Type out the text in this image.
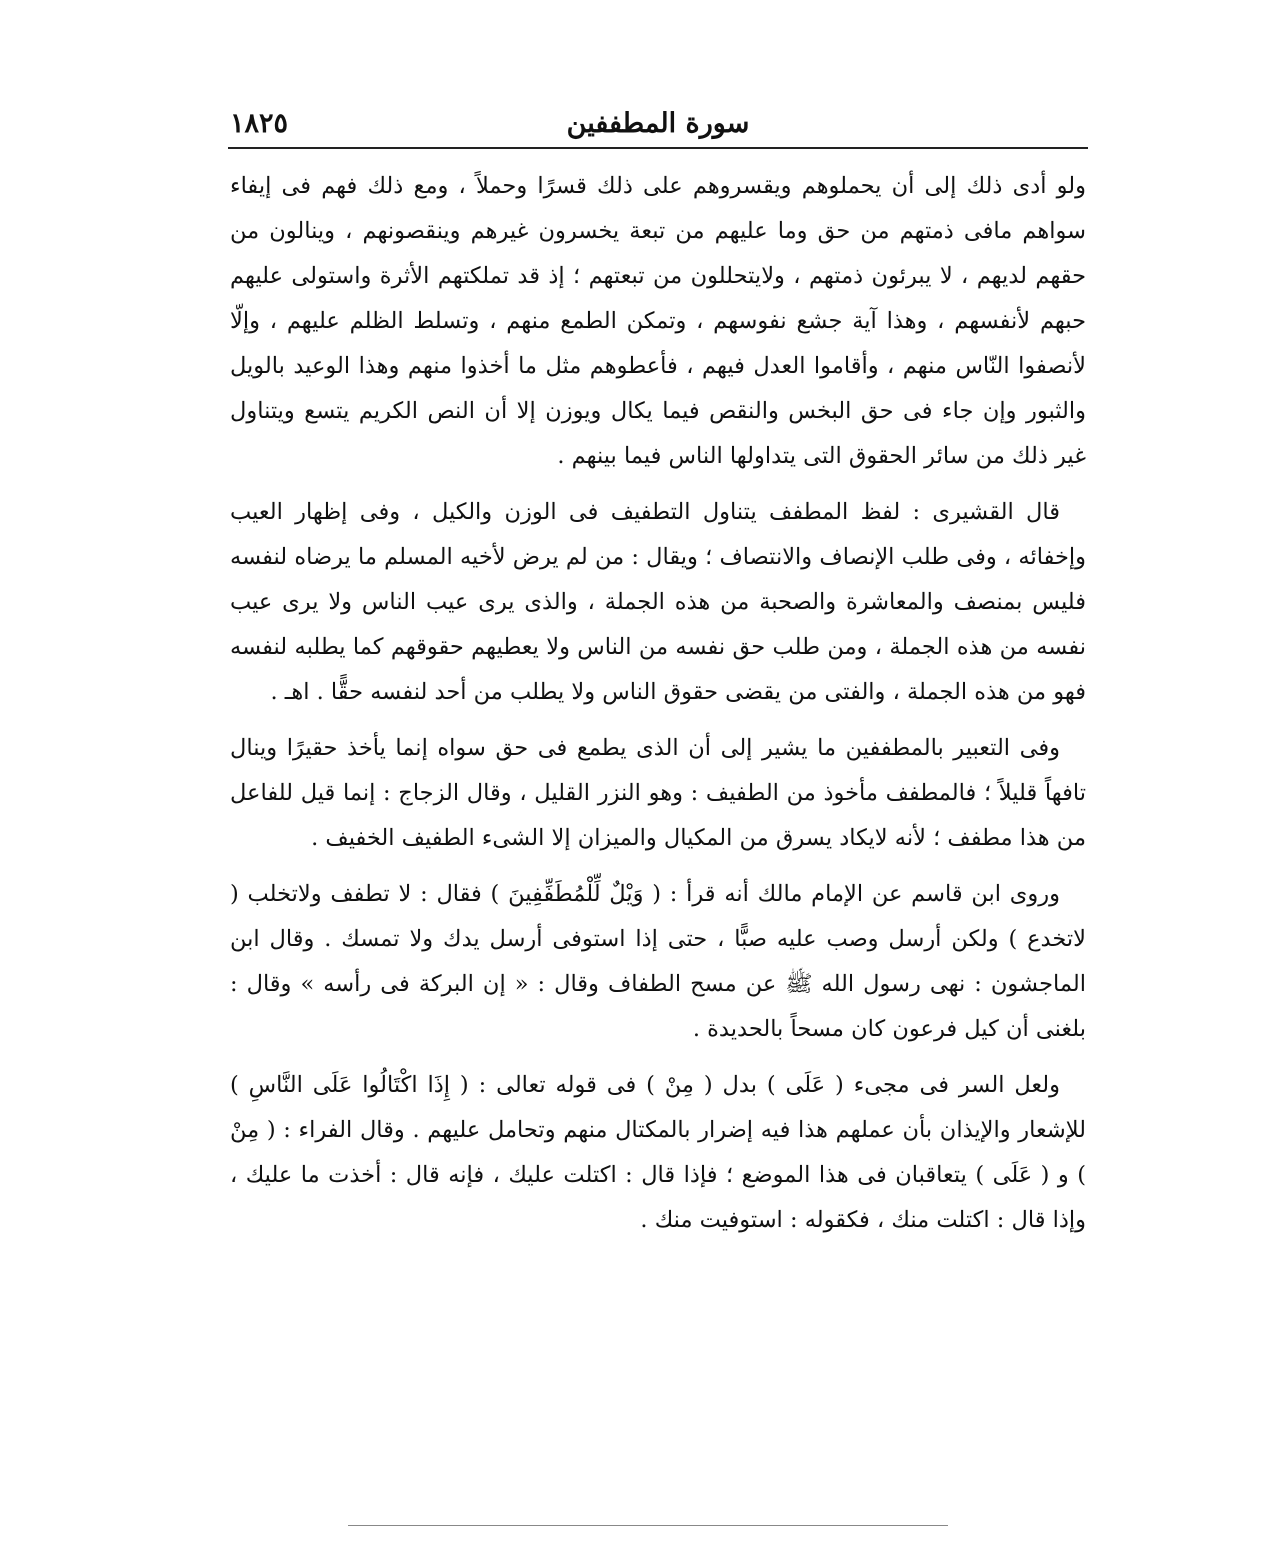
١٨٢٥	سورة المطففين

ولو أدى ذلك إلى أن يحملوهم ويقسروهم على ذلك قسرًا وحملاً ، ومع ذلك فهم فى إيفاء سواهم مافى ذمتهم من حق وما عليهم من تبعة يخسرون غيرهم وينقصونهم ، وينالون من حقهم لديهم ، لا يبرئون ذمتهم ، ولايتحللون من تبعتهم ؛ إذ قد تملكتهم الأثرة واستولى عليهم حبهم لأنفسهم ، وهذا آية جشع نفوسهم ، وتمكن الطمع منهم ، وتسلط الظلم عليهم ، وإلّا لأنصفوا النّاس منهم ، وأقاموا العدل فيهم ، فأعطوهم مثل ما أخذوا منهم وهذا الوعيد بالويل والثبور وإن جاء فى حق البخس والنقص فيما يكال ويوزن إلا أن النص الكريم يتسع ويتناول غير ذلك من سائر الحقوق التى يتداولها الناس فيما بينهم .

قال القشيرى : لفظ المطفف يتناول التطفيف فى الوزن والكيل ، وفى إظهار العيب وإخفائه ، وفى طلب الإنصاف والانتصاف ؛ ويقال : من لم يرض لأخيه المسلم ما يرضاه لنفسه فليس بمنصف والمعاشرة والصحبة من هذه الجملة ، والذى يرى عيب الناس ولا يرى عيب نفسه من هذه الجملة ، ومن طلب حق نفسه من الناس ولا يعطيهم حقوقهم كما يطلبه لنفسه فهو من هذه الجملة ، والفتى من يقضى حقوق الناس ولا يطلب من أحد لنفسه حقًّا . اهـ .

وفى التعبير بالمطففين ما يشير إلى أن الذى يطمع فى حق سواه إنما يأخذ حقيرًا وينال تافهاً قليلاً ؛ فالمطفف مأخوذ من الطفيف : وهو النزر القليل ، وقال الزجاج : إنما قيل للفاعل من هذا مطفف ؛ لأنه لايكاد يسرق من المكيال والميزان إلا الشىء الطفيف الخفيف .

وروى ابن قاسم عن الإمام مالك أنه قرأ : ( وَيْلٌ لِّلْمُطَفِّفِينَ ) فقال : لا تطفف ولاتخلب ( لاتخدع ) ولكن أرسل وصب عليه صبًّا ، حتى إذا استوفى أرسل يدك ولا تمسك . وقال ابن الماجشون : نهى رسول الله ﷺ عن مسح الطفاف وقال : « إن البركة فى رأسه » وقال : بلغنى أن كيل فرعون كان مسحاً بالحديدة .

ولعل السر فى مجىء ( عَلَى ) بدل ( مِنْ ) فى قوله تعالى : ( إِذَا اكْتَالُوا عَلَى النَّاسِ ) للإشعار والإيذان بأن عملهم هذا فيه إضرار بالمكتال منهم وتحامل عليهم . وقال الفراء : ( مِنْ ) و ( عَلَى ) يتعاقبان فى هذا الموضع ؛ فإذا قال : اكتلت عليك ، فإنه قال : أخذت ما عليك ، وإذا قال : اكتلت منك ، فكقوله : استوفيت منك .
